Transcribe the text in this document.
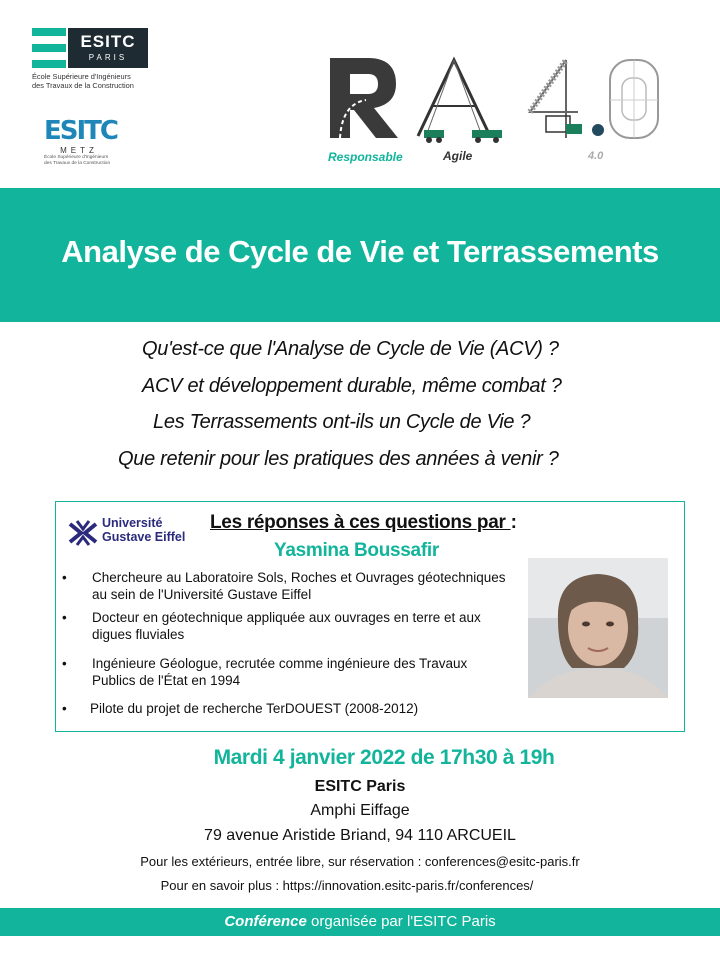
ESITC
PARIS
École Supérieure d'Ingénieurs
des Travaux de la Construction
ESITC
METZ
École Supérieure d'Ingénieurs
des Travaux de la Construction	Responsable	Agile	4.0
Analyse de Cycle de Vie et Terrassements
Qu'est-ce que l'Analyse de Cycle de Vie (ACV) ?
ACV et développement durable, même combat ?
Les Terrassements ont-ils un Cycle de Vie ?
Que retenir pour les pratiques des années à venir ?
Université
Gustave Eiffel
Les réponses à ces questions par :
Yasmina Boussafir
• Chercheure au Laboratoire Sols, Roches et Ouvrages géotechniques
au sein de l'Université Gustave Eiffel
• Docteur en géotechnique appliquée aux ouvrages en terre et aux
digues fluviales
• Ingénieure Géologue, recrutée comme ingénieure des Travaux
Publics de l'État en 1994
• Pilote du projet de recherche TerDOUEST (2008-2012)
Mardi 4 janvier 2022 de 17h30 à 19h
ESITC Paris
Amphi Eiffage
79 avenue Aristide Briand, 94 110 ARCUEIL
Pour les extérieurs, entrée libre, sur réservation : conferences@esitc-paris.fr
Pour en savoir plus : https://innovation.esitc-paris.fr/conferences/
Conférence organisée par l'ESITC Paris
